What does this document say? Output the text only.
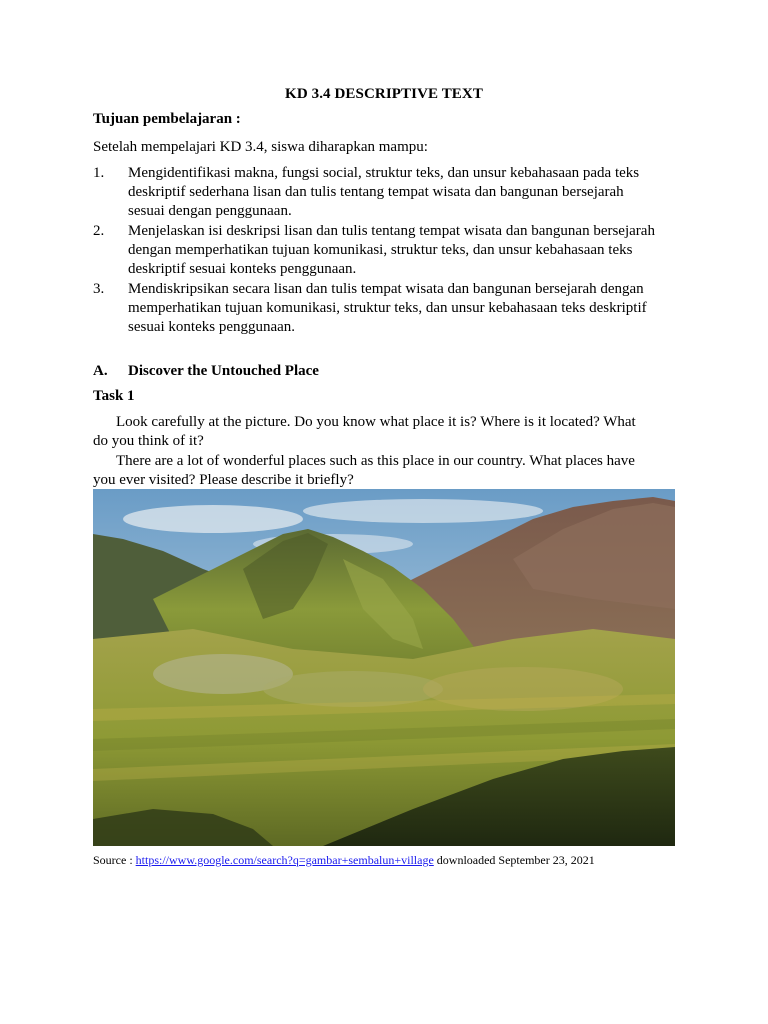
KD 3.4 DESCRIPTIVE TEXT
Tujuan pembelajaran :
Setelah mempelajari KD 3.4, siswa diharapkan mampu:
1. Mengidentifikasi makna, fungsi social, struktur teks, dan unsur kebahasaan pada teks
deskriptif sederhana lisan dan tulis tentang tempat wisata dan bangunan bersejarah
sesuai dengan penggunaan.
2. Menjelaskan isi deskripsi lisan dan tulis tentang tempat wisata dan bangunan bersejarah
dengan memperhatikan tujuan komunikasi, struktur teks, dan unsur kebahasaan teks
deskriptif sesuai konteks penggunaan.
3. Mendiskripsikan secara lisan dan tulis tempat wisata dan bangunan bersejarah dengan
memperhatikan tujuan komunikasi, struktur teks, dan unsur kebahasaan teks deskriptif
sesuai konteks penggunaan.
A. Discover the Untouched Place
Task 1
Look carefully at the picture. Do you know what place it is? Where is it located? What
do you think of it?
There are a lot of wonderful places such as this place in our country. What places have
you ever visited? Please describe it briefly?
Source : https://www.google.com/search?q=gambar+sembalun+village downloaded September 23, 2021
